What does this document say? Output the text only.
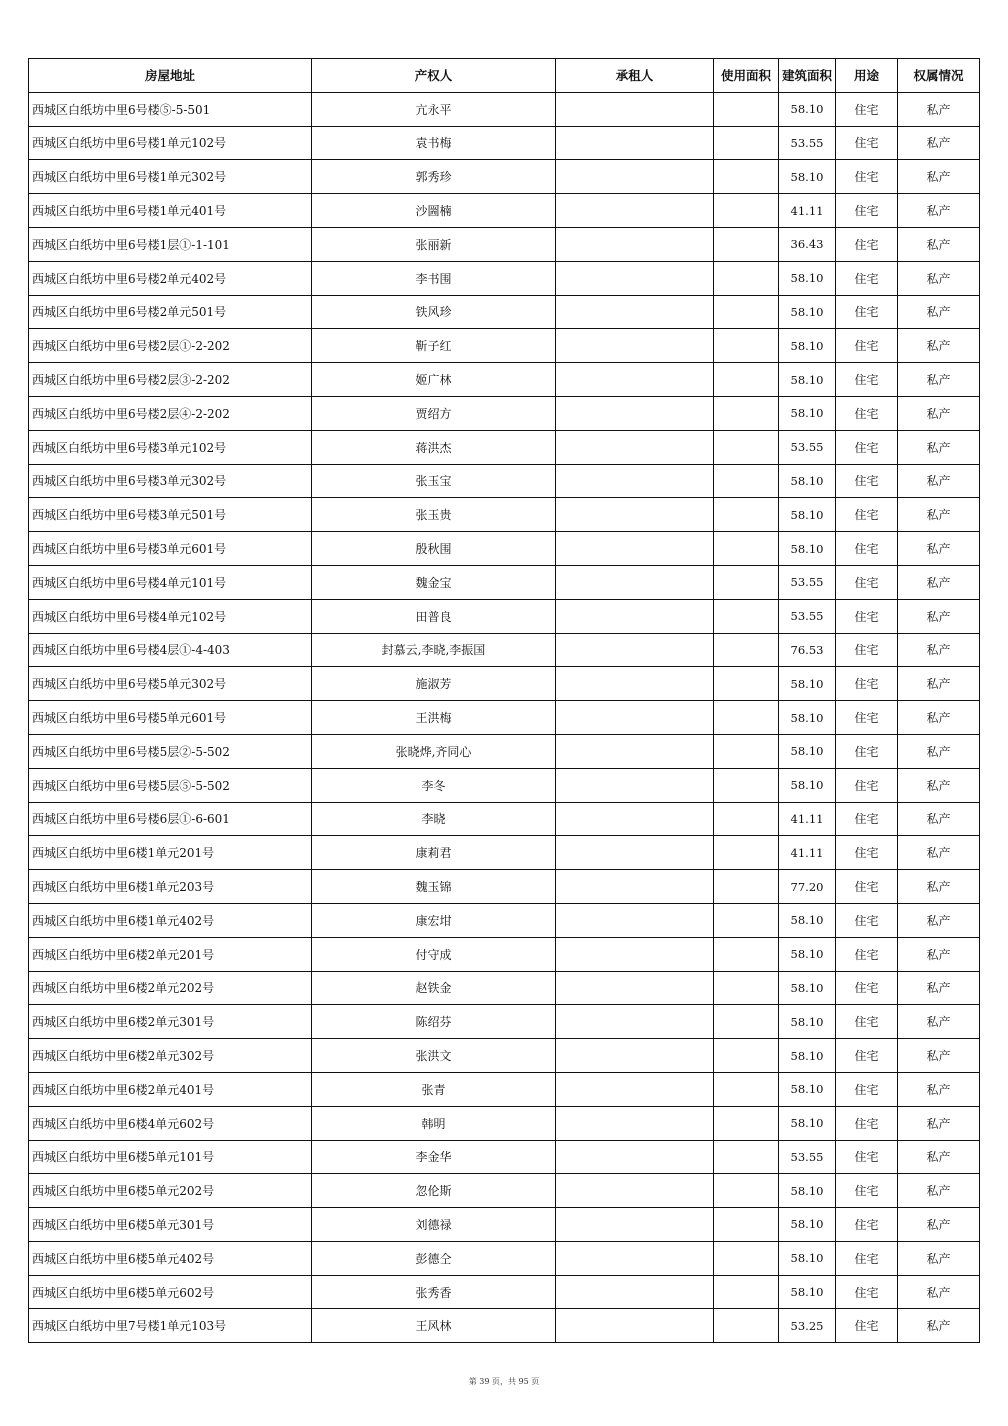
房屋地址	产权人	承租人	使用面积	建筑面积	用途	权属情况
西城区白纸坊中里6号楼⑤-5-501	亢永平			58.10	住宅	私产
西城区白纸坊中里6号楼1单元102号	袁书梅			53.55	住宅	私产
西城区白纸坊中里6号楼1单元302号	郭秀珍			58.10	住宅	私产
西城区白纸坊中里6号楼1单元401号	沙圌楠			41.11	住宅	私产
西城区白纸坊中里6号楼1层①-1-101	张丽新			36.43	住宅	私产
西城区白纸坊中里6号楼2单元402号	李书围			58.10	住宅	私产
西城区白纸坊中里6号楼2单元501号	铁风珍			58.10	住宅	私产
西城区白纸坊中里6号楼2层①-2-202	靳子红			58.10	住宅	私产
西城区白纸坊中里6号楼2层③-2-202	姬广林			58.10	住宅	私产
西城区白纸坊中里6号楼2层④-2-202	贾绍方			58.10	住宅	私产
西城区白纸坊中里6号楼3单元102号	蒋洪杰			53.55	住宅	私产
西城区白纸坊中里6号楼3单元302号	张玉宝			58.10	住宅	私产
西城区白纸坊中里6号楼3单元501号	张玉贵			58.10	住宅	私产
西城区白纸坊中里6号楼3单元601号	殷秋围			58.10	住宅	私产
西城区白纸坊中里6号楼4单元101号	魏金宝			53.55	住宅	私产
西城区白纸坊中里6号楼4单元102号	田普良			53.55	住宅	私产
西城区白纸坊中里6号楼4层①-4-403	封慕云,李晓,李振国			76.53	住宅	私产
西城区白纸坊中里6号楼5单元302号	施淑芳			58.10	住宅	私产
西城区白纸坊中里6号楼5单元601号	王洪梅			58.10	住宅	私产
西城区白纸坊中里6号楼5层②-5-502	张晓烨,齐同心			58.10	住宅	私产
西城区白纸坊中里6号楼5层⑤-5-502	李冬			58.10	住宅	私产
西城区白纸坊中里6号楼6层①-6-601	李晓			41.11	住宅	私产
西城区白纸坊中里6楼1单元201号	康莉君			41.11	住宅	私产
西城区白纸坊中里6楼1单元203号	魏玉锦			77.20	住宅	私产
西城区白纸坊中里6楼1单元402号	康宏坩			58.10	住宅	私产
西城区白纸坊中里6楼2单元201号	付守成			58.10	住宅	私产
西城区白纸坊中里6楼2单元202号	赵铁金			58.10	住宅	私产
西城区白纸坊中里6楼2单元301号	陈绍芬			58.10	住宅	私产
西城区白纸坊中里6楼2单元302号	张洪文			58.10	住宅	私产
西城区白纸坊中里6楼2单元401号	张青			58.10	住宅	私产
西城区白纸坊中里6楼4单元602号	韩明			58.10	住宅	私产
西城区白纸坊中里6楼5单元101号	李金华			53.55	住宅	私产
西城区白纸坊中里6楼5单元202号	忽伦斯			58.10	住宅	私产
西城区白纸坊中里6楼5单元301号	刘德禄			58.10	住宅	私产
西城区白纸坊中里6楼5单元402号	彭德仝			58.10	住宅	私产
西城区白纸坊中里6楼5单元602号	张秀香			58.10	住宅	私产
西城区白纸坊中里7号楼1单元103号	王风林			53.25	住宅	私产
第 39 页，共 95 页
